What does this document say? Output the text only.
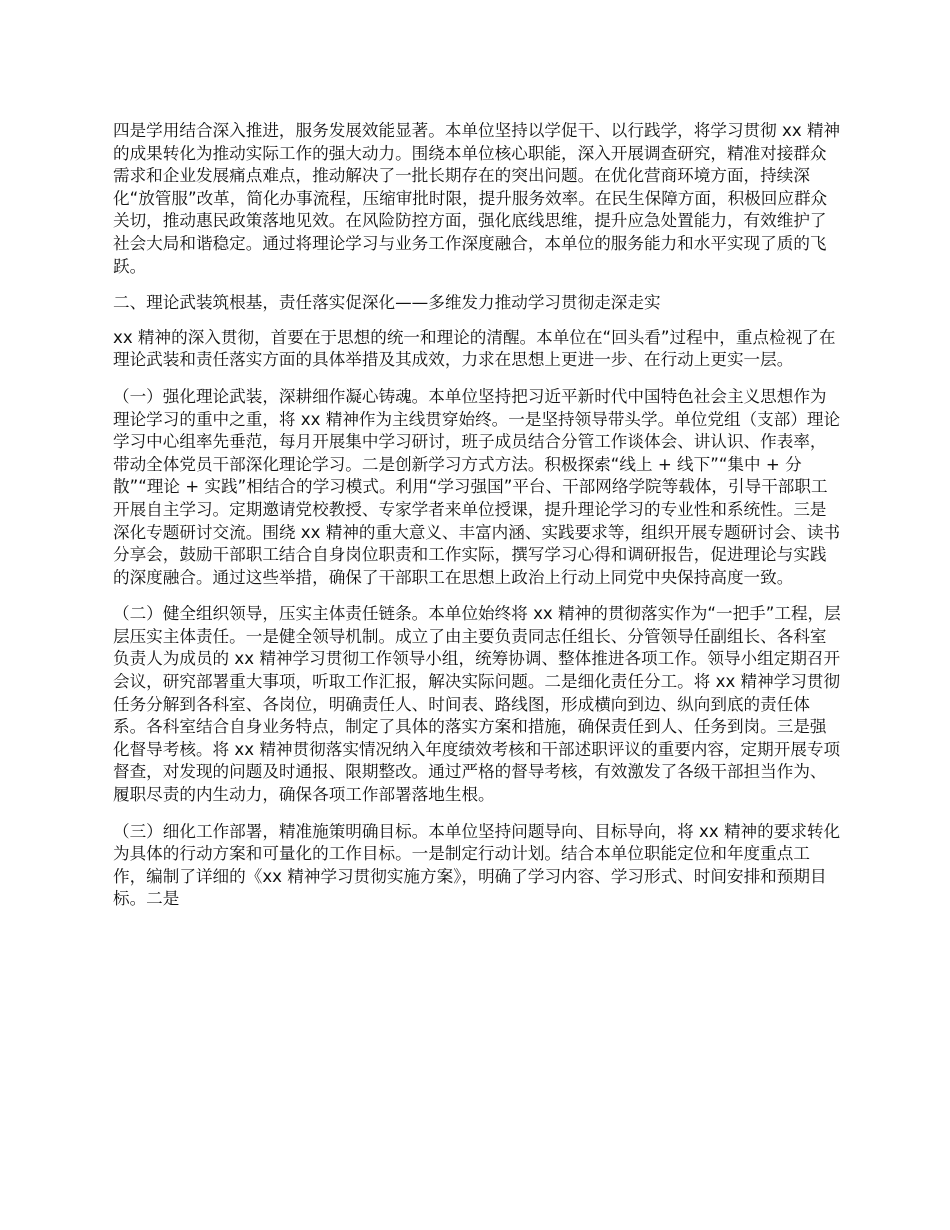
四是学用结合深入推进，服务发展效能显著。本单位坚持以学促干、以行践学，将学习贯彻 xx 精神的成果转化为推动实际工作的强大动力。围绕本单位核心职能，深入开展调查研究，精准对接群众需求和企业发展痛点难点，推动解决了一批长期存在的突出问题。在优化营商环境方面，持续深化“放管服”改革，简化办事流程，压缩审批时限，提升服务效率。在民生保障方面，积极回应群众关切，推动惠民政策落地见效。在风险防控方面，强化底线思维，提升应急处置能力，有效维护了社会大局和谐稳定。通过将理论学习与业务工作深度融合，本单位的服务能力和水平实现了质的飞跃。

二、理论武装筑根基，责任落实促深化——多维发力推动学习贯彻走深走实

xx 精神的深入贯彻，首要在于思想的统一和理论的清醒。本单位在“回头看”过程中，重点检视了在理论武装和责任落实方面的具体举措及其成效，力求在思想上更进一步、在行动上更实一层。

（一）强化理论武装，深耕细作凝心铸魂。本单位坚持把习近平新时代中国特色社会主义思想作为理论学习的重中之重，将 xx 精神作为主线贯穿始终。一是坚持领导带头学。单位党组（支部）理论学习中心组率先垂范，每月开展集中学习研讨，班子成员结合分管工作谈体会、讲认识、作表率，带动全体党员干部深化理论学习。二是创新学习方式方法。积极探索“线上 + 线下”“集中 + 分散”“理论 + 实践”相结合的学习模式。利用“学习强国”平台、干部网络学院等载体，引导干部职工开展自主学习。定期邀请党校教授、专家学者来单位授课，提升理论学习的专业性和系统性。三是深化专题研讨交流。围绕 xx 精神的重大意义、丰富内涵、实践要求等，组织开展专题研讨会、读书分享会，鼓励干部职工结合自身岗位职责和工作实际，撰写学习心得和调研报告，促进理论与实践的深度融合。通过这些举措，确保了干部职工在思想上政治上行动上同党中央保持高度一致。

（二）健全组织领导，压实主体责任链条。本单位始终将 xx 精神的贯彻落实作为“一把手”工程，层层压实主体责任。一是健全领导机制。成立了由主要负责同志任组长、分管领导任副组长、各科室负责人为成员的 xx 精神学习贯彻工作领导小组，统筹协调、整体推进各项工作。领导小组定期召开会议，研究部署重大事项，听取工作汇报，解决实际问题。二是细化责任分工。将 xx 精神学习贯彻任务分解到各科室、各岗位，明确责任人、时间表、路线图，形成横向到边、纵向到底的责任体系。各科室结合自身业务特点，制定了具体的落实方案和措施，确保责任到人、任务到岗。三是强化督导考核。将 xx 精神贯彻落实情况纳入年度绩效考核和干部述职评议的重要内容，定期开展专项督查，对发现的问题及时通报、限期整改。通过严格的督导考核，有效激发了各级干部担当作为、履职尽责的内生动力，确保各项工作部署落地生根。

（三）细化工作部署，精准施策明确目标。本单位坚持问题导向、目标导向，将 xx 精神的要求转化为具体的行动方案和可量化的工作目标。一是制定行动计划。结合本单位职能定位和年度重点工作，编制了详细的《xx 精神学习贯彻实施方案》，明确了学习内容、学习形式、时间安排和预期目标。二是
